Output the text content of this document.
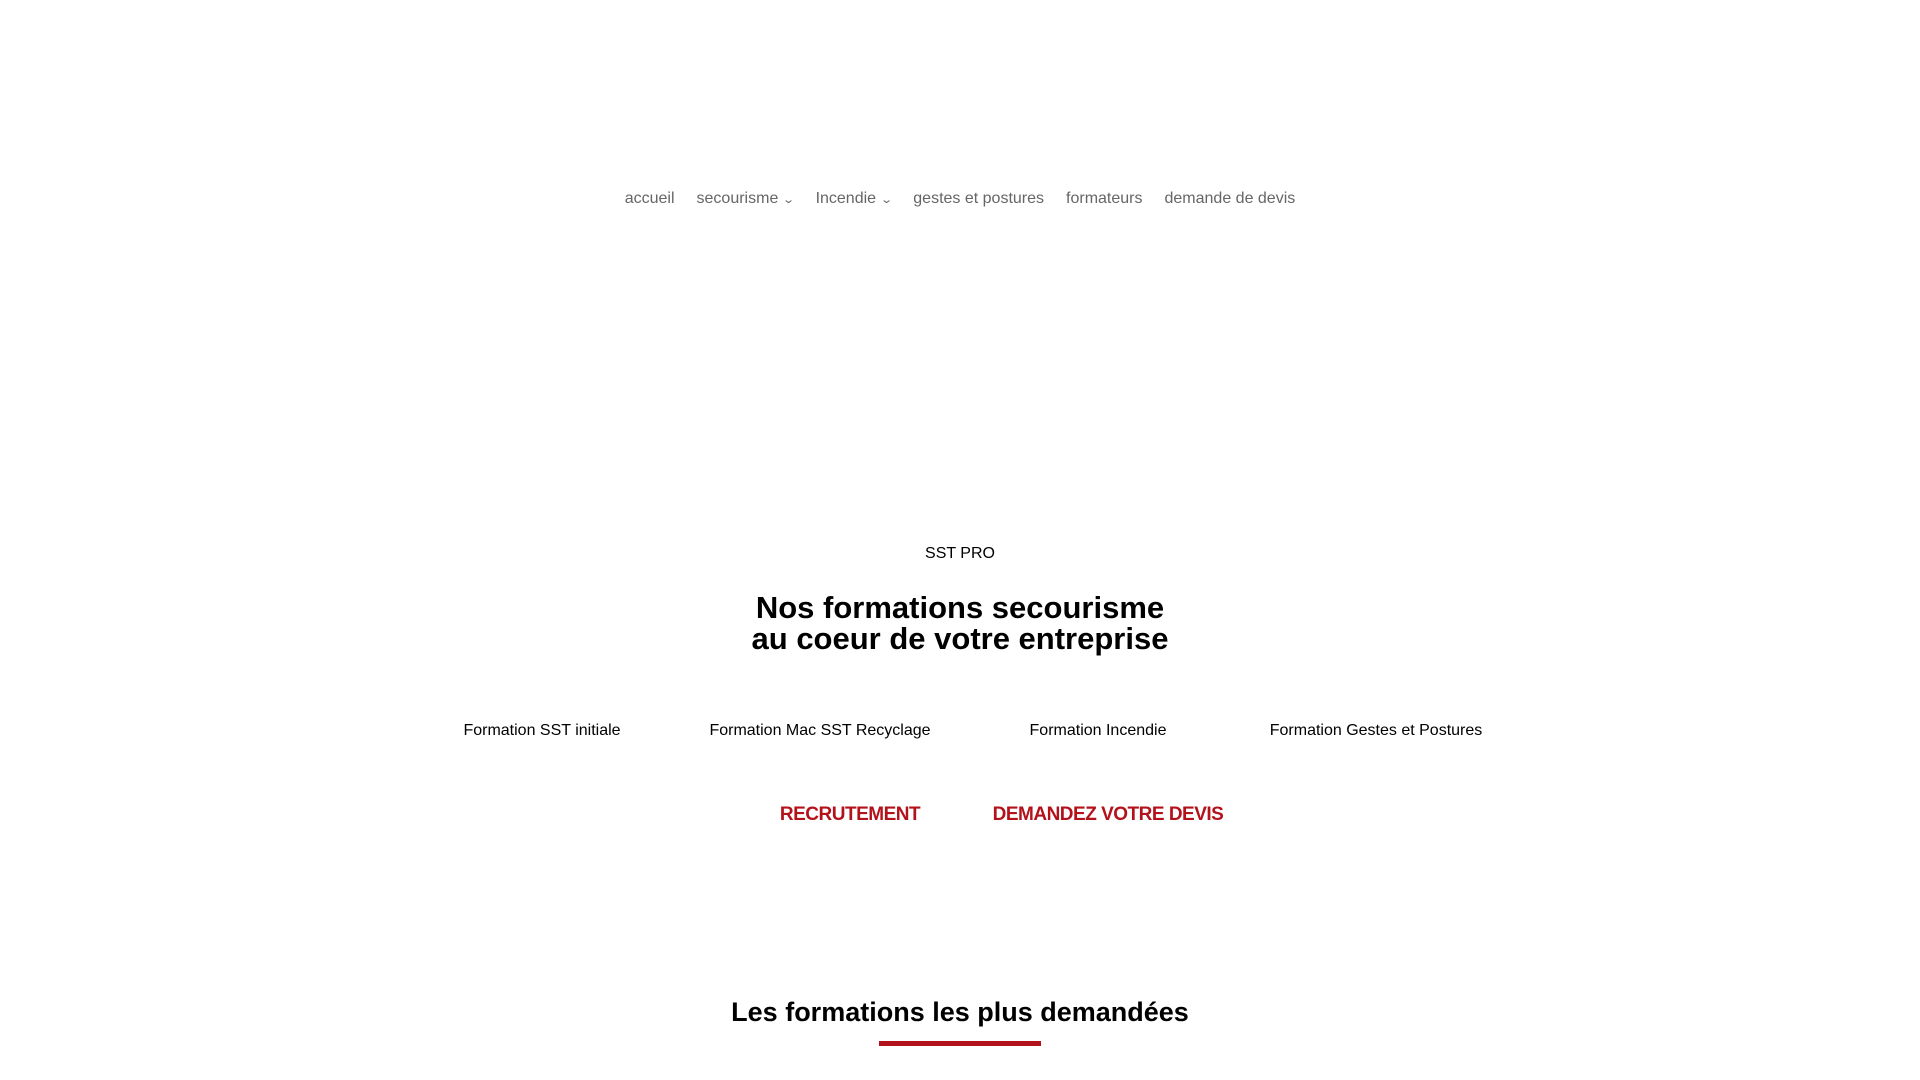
accueil secourisme ⌄ Incendie ⌄ gestes et postures formateurs demande de devis
SST PRO
Nos formations secourisme
au coeur de votre entreprise
Formation SST initiale	Formation Mac SST Recyclage	Formation Incendie	Formation Gestes et Postures
RECRUTEMENT	DEMANDEZ VOTRE DEVIS
Les formations les plus demandées
